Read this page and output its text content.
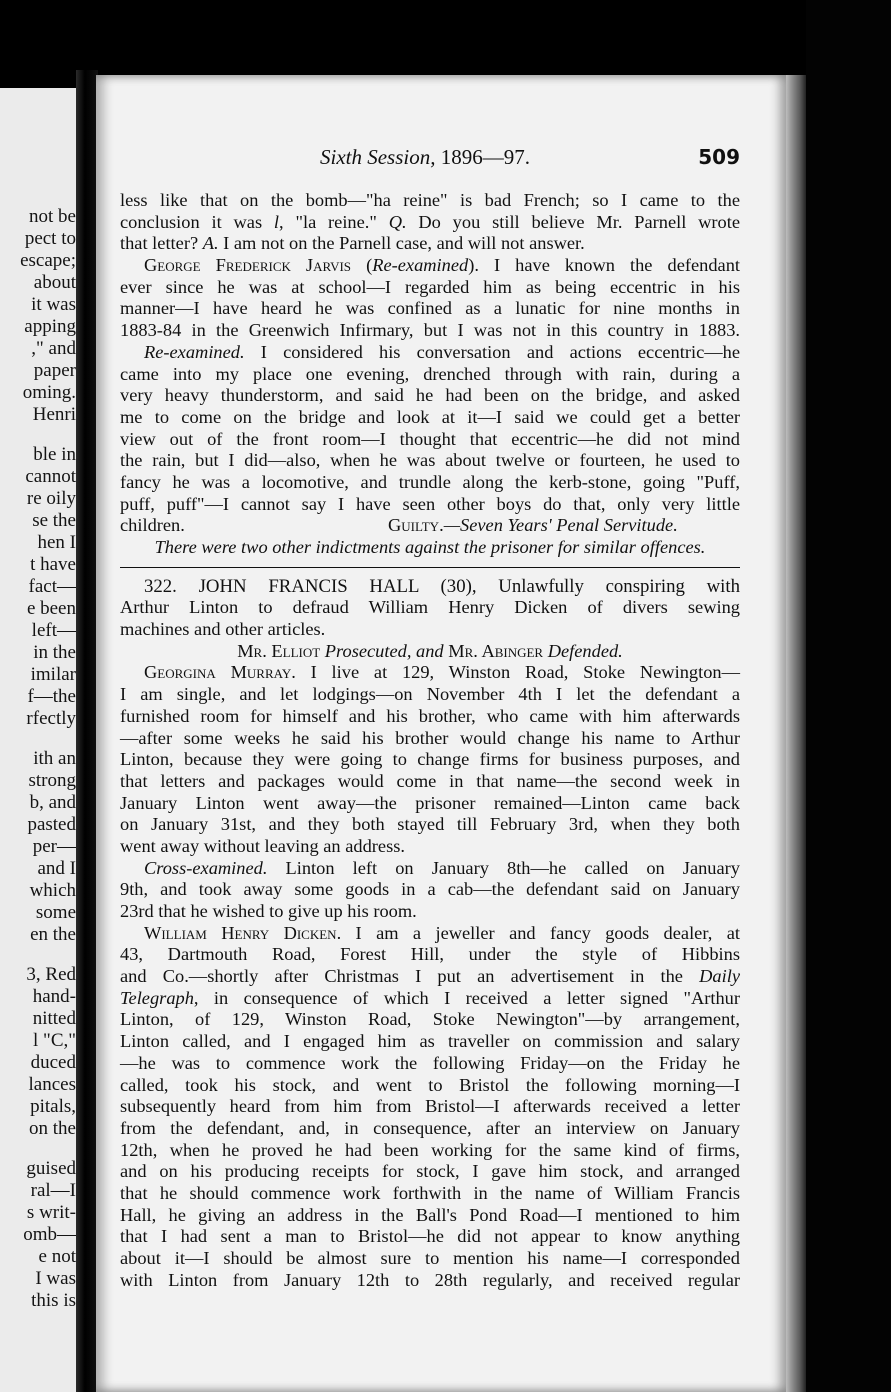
not be
pect to
escape;
about
it was
apping
," and
paper
oming.
Henri
ble in
cannot
re oily
se the
hen I
t have
fact—
e been
left—
in the
imilar
f—the
rfectly
ith an
strong
b, and
pasted
per—
and I
which
some
en the
3, Red
hand-
nitted
l "C,"
duced
lances
pitals,
on the
guised
ral—I
s writ-
omb—
e not
I was
this is
Sixth Session, 1896—97.	509
less like that on the bomb—"ha reine" is bad French; so I came to the
conclusion it was l, "la reine." Q. Do you still believe Mr. Parnell wrote
that letter? A. I am not on the Parnell case, and will not answer.
George Frederick Jarvis (Re-examined). I have known the defendant
ever since he was at school—I regarded him as being eccentric in his
manner—I have heard he was confined as a lunatic for nine months in
1883-84 in the Greenwich Infirmary, but I was not in this country in 1883.
Re-examined. I considered his conversation and actions eccentric—he
came into my place one evening, drenched through with rain, during a
very heavy thunderstorm, and said he had been on the bridge, and asked
me to come on the bridge and look at it—I said we could get a better
view out of the front room—I thought that eccentric—he did not mind
the rain, but I did—also, when he was about twelve or fourteen, he used to
fancy he was a locomotive, and trundle along the kerb-stone, going "Puff,
puff, puff"—I cannot say I have seen other boys do that, only very little
children.	Guilty.—Seven Years' Penal Servitude.
There were two other indictments against the prisoner for similar offences.
322. JOHN FRANCIS HALL (30), Unlawfully conspiring with
Arthur Linton to defraud William Henry Dicken of divers sewing
machines and other articles.
Mr. Elliot Prosecuted, and Mr. Abinger Defended.
Georgina Murray. I live at 129, Winston Road, Stoke Newington—
I am single, and let lodgings—on November 4th I let the defendant a
furnished room for himself and his brother, who came with him afterwards
—after some weeks he said his brother would change his name to Arthur
Linton, because they were going to change firms for business purposes, and
that letters and packages would come in that name—the second week in
January Linton went away—the prisoner remained—Linton came back
on January 31st, and they both stayed till February 3rd, when they both
went away without leaving an address.
Cross-examined. Linton left on January 8th—he called on January
9th, and took away some goods in a cab—the defendant said on January
23rd that he wished to give up his room.
William Henry Dicken. I am a jeweller and fancy goods dealer, at
43, Dartmouth Road, Forest Hill, under the style of Hibbins
and Co.—shortly after Christmas I put an advertisement in the Daily
Telegraph, in consequence of which I received a letter signed "Arthur
Linton, of 129, Winston Road, Stoke Newington"—by arrangement,
Linton called, and I engaged him as traveller on commission and salary
—he was to commence work the following Friday—on the Friday he
called, took his stock, and went to Bristol the following morning—I
subsequently heard from him from Bristol—I afterwards received a letter
from the defendant, and, in consequence, after an interview on January
12th, when he proved he had been working for the same kind of firms,
and on his producing receipts for stock, I gave him stock, and arranged
that he should commence work forthwith in the name of William Francis
Hall, he giving an address in the Ball's Pond Road—I mentioned to him
that I had sent a man to Bristol—he did not appear to know anything
about it—I should be almost sure to mention his name—I corresponded
with Linton from January 12th to 28th regularly, and received regular
